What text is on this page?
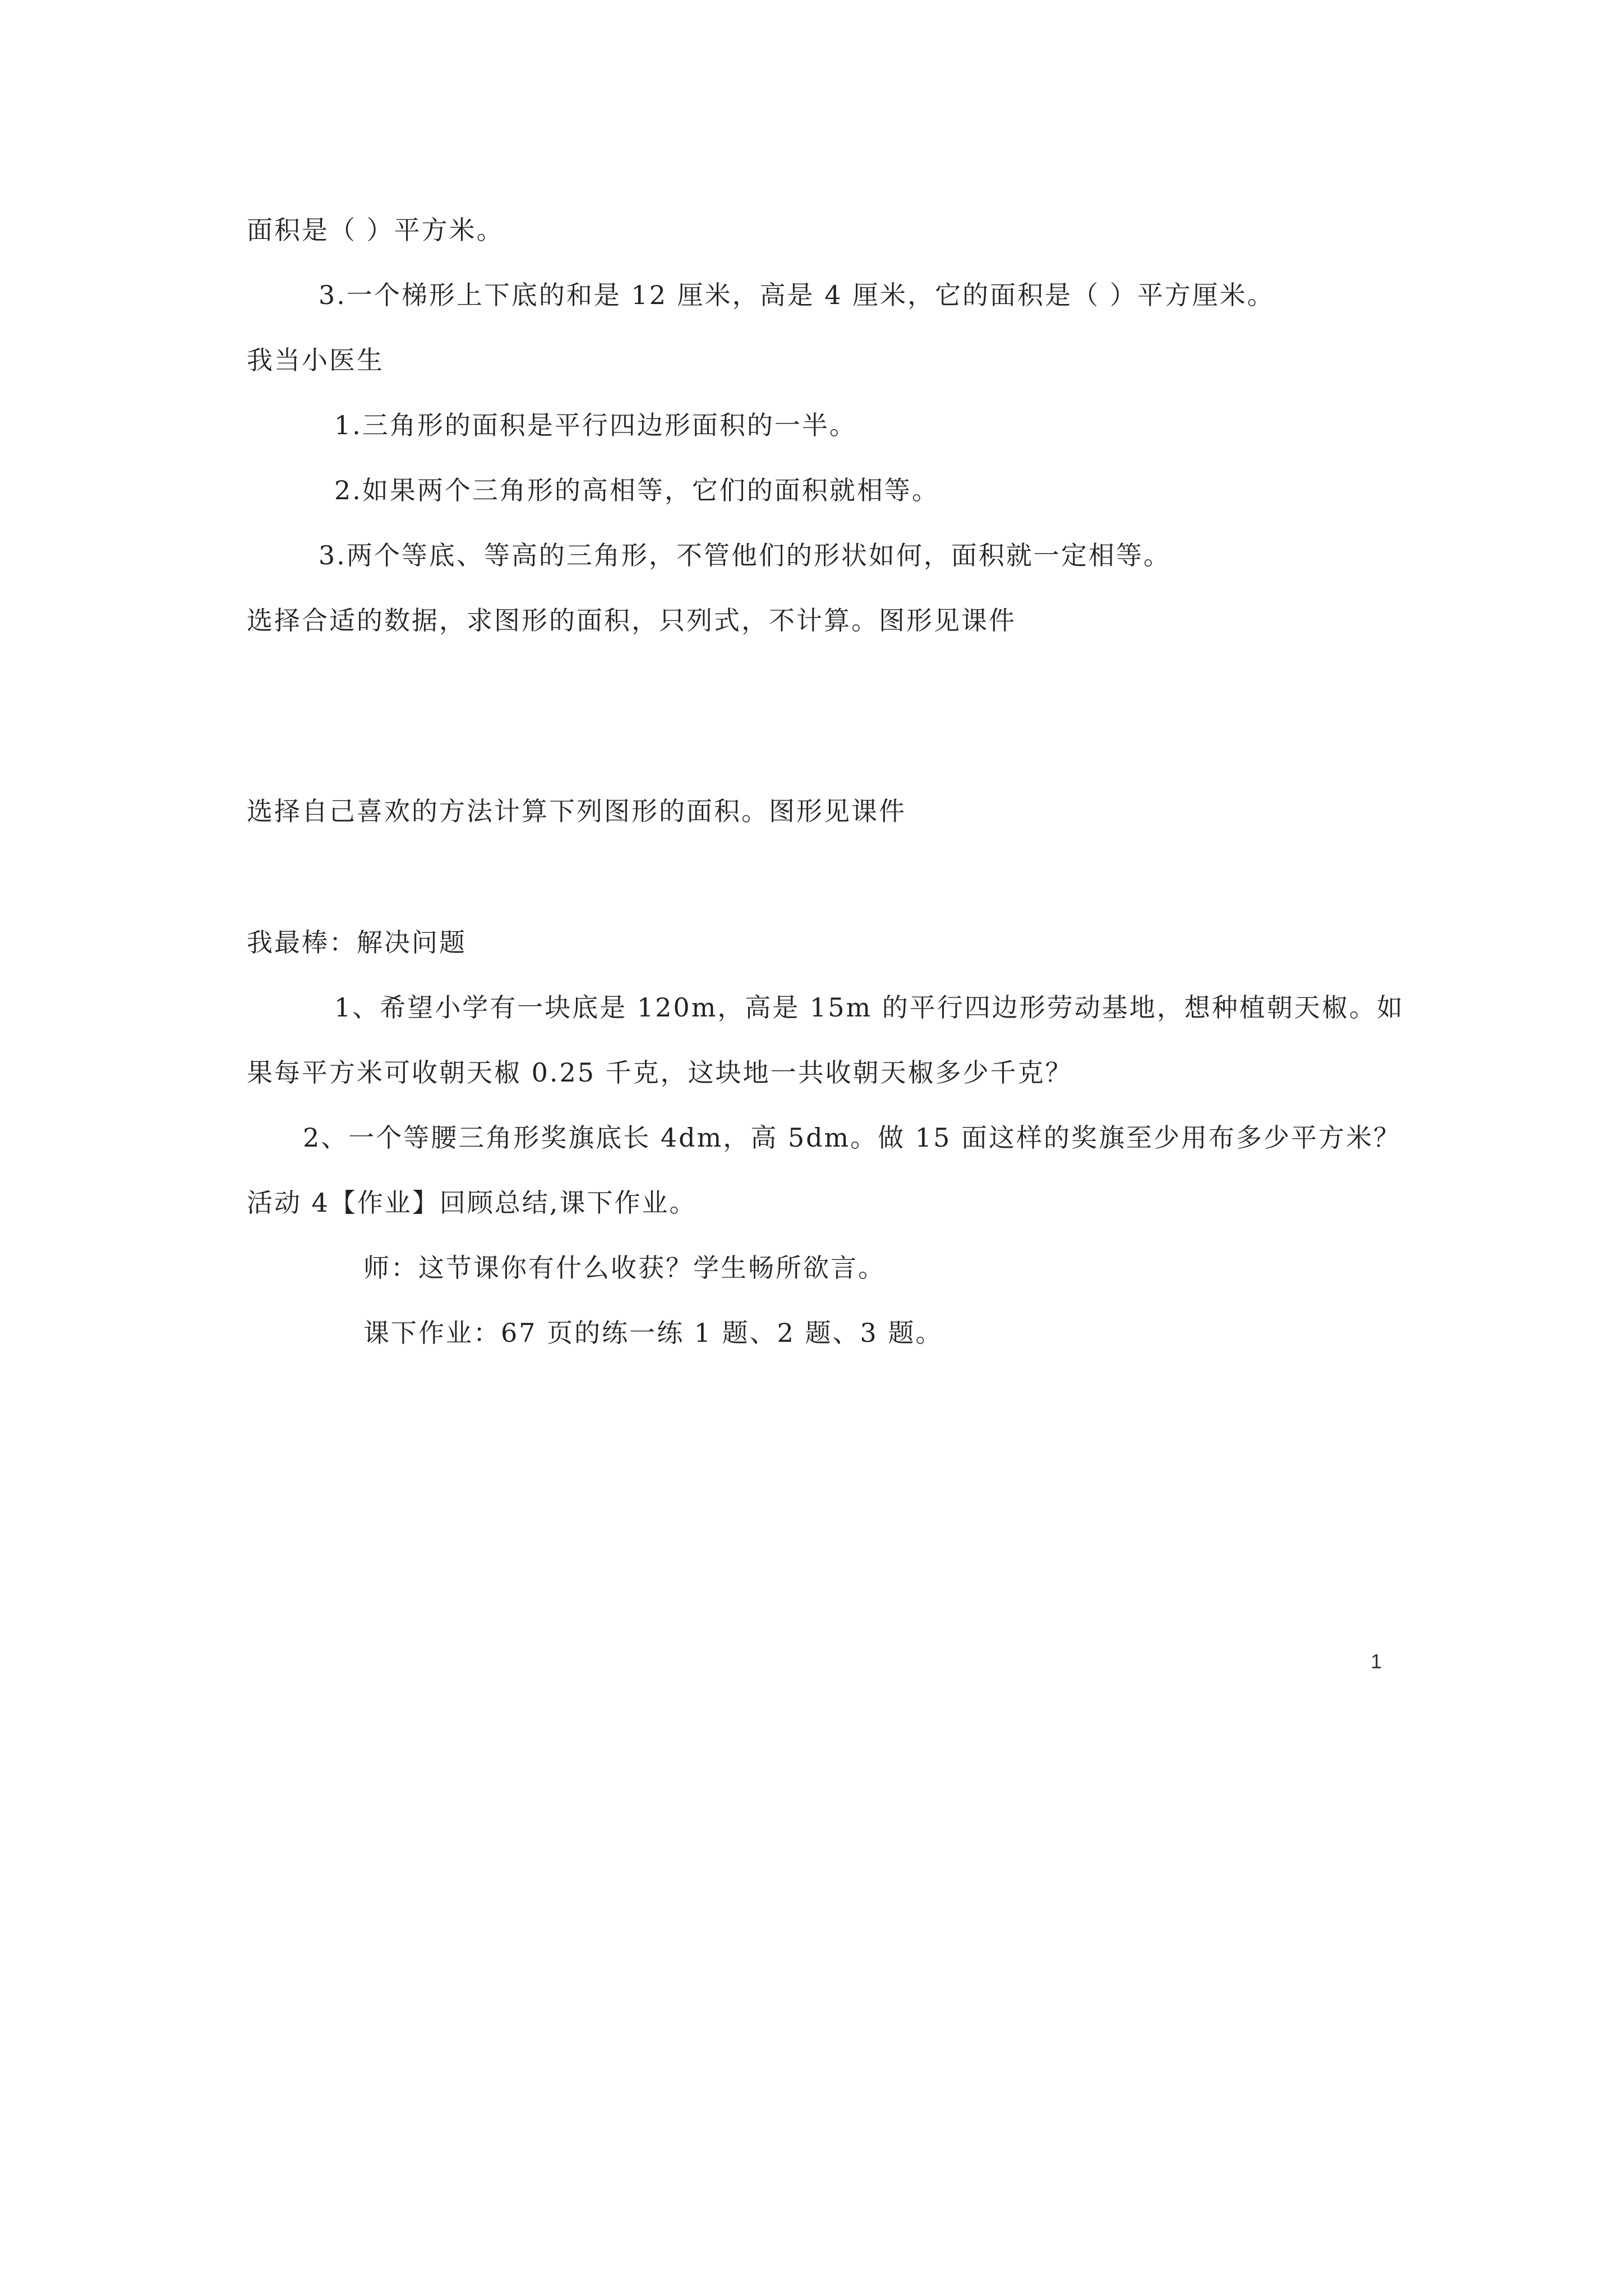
面积是（ ）平方米。
3.一个梯形上下底的和是 12 厘米，高是 4 厘米，它的面积是（ ）平方厘米。
我当小医生
1.三角形的面积是平行四边形面积的一半。
2.如果两个三角形的高相等，它们的面积就相等。
3.两个等底、等高的三角形，不管他们的形状如何，面积就一定相等。
选择合适的数据，求图形的面积，只列式，不计算。图形见课件
选择自己喜欢的方法计算下列图形的面积。图形见课件
我最棒：解决问题
1、希望小学有一块底是 120m，高是 15m 的平行四边形劳动基地，想种植朝天椒。如
果每平方米可收朝天椒 0.25 千克，这块地一共收朝天椒多少千克？
2、一个等腰三角形奖旗底长 4dm，高 5dm。做 15 面这样的奖旗至少用布多少平方米？
活动 4【作业】回顾总结,课下作业。
师：这节课你有什么收获？学生畅所欲言。
课下作业：67 页的练一练 1 题、2 题、3 题。
1
